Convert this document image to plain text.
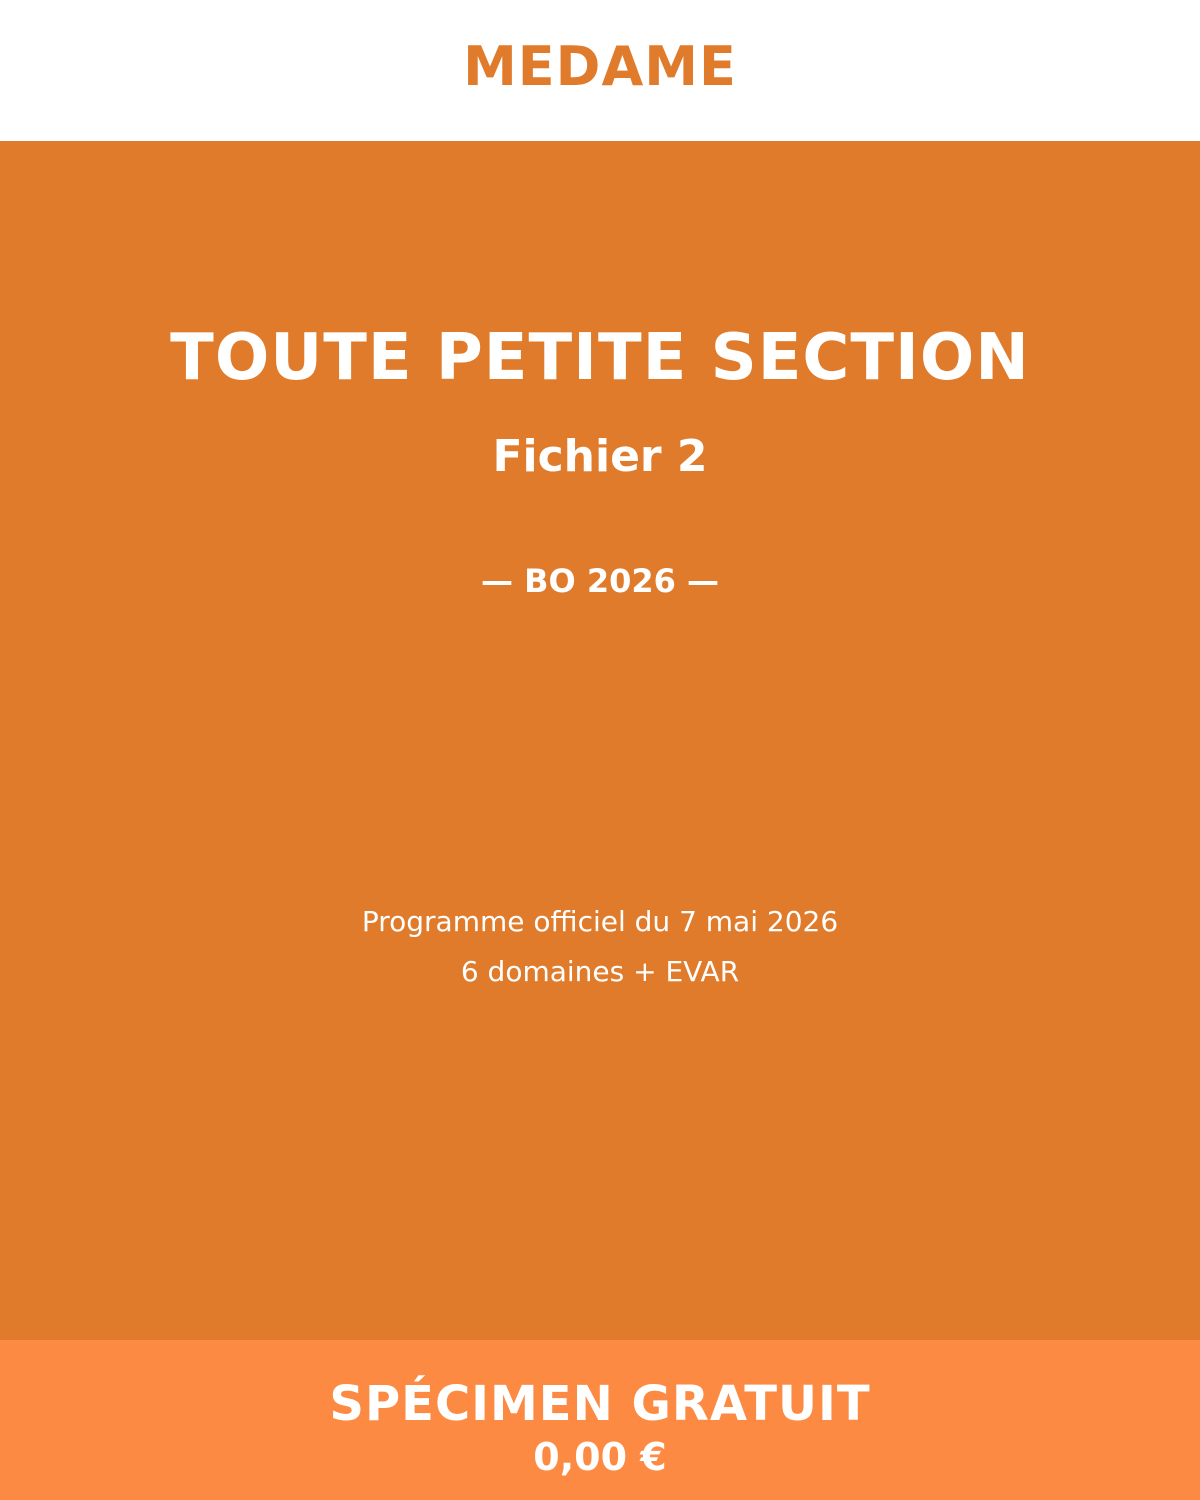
MEDAME
TOUTE PETITE SECTION
Fichier 2
— BO 2026 —
Programme officiel du 7 mai 2026
6 domaines + EVAR
SPÉCIMEN GRATUIT
0,00 €
